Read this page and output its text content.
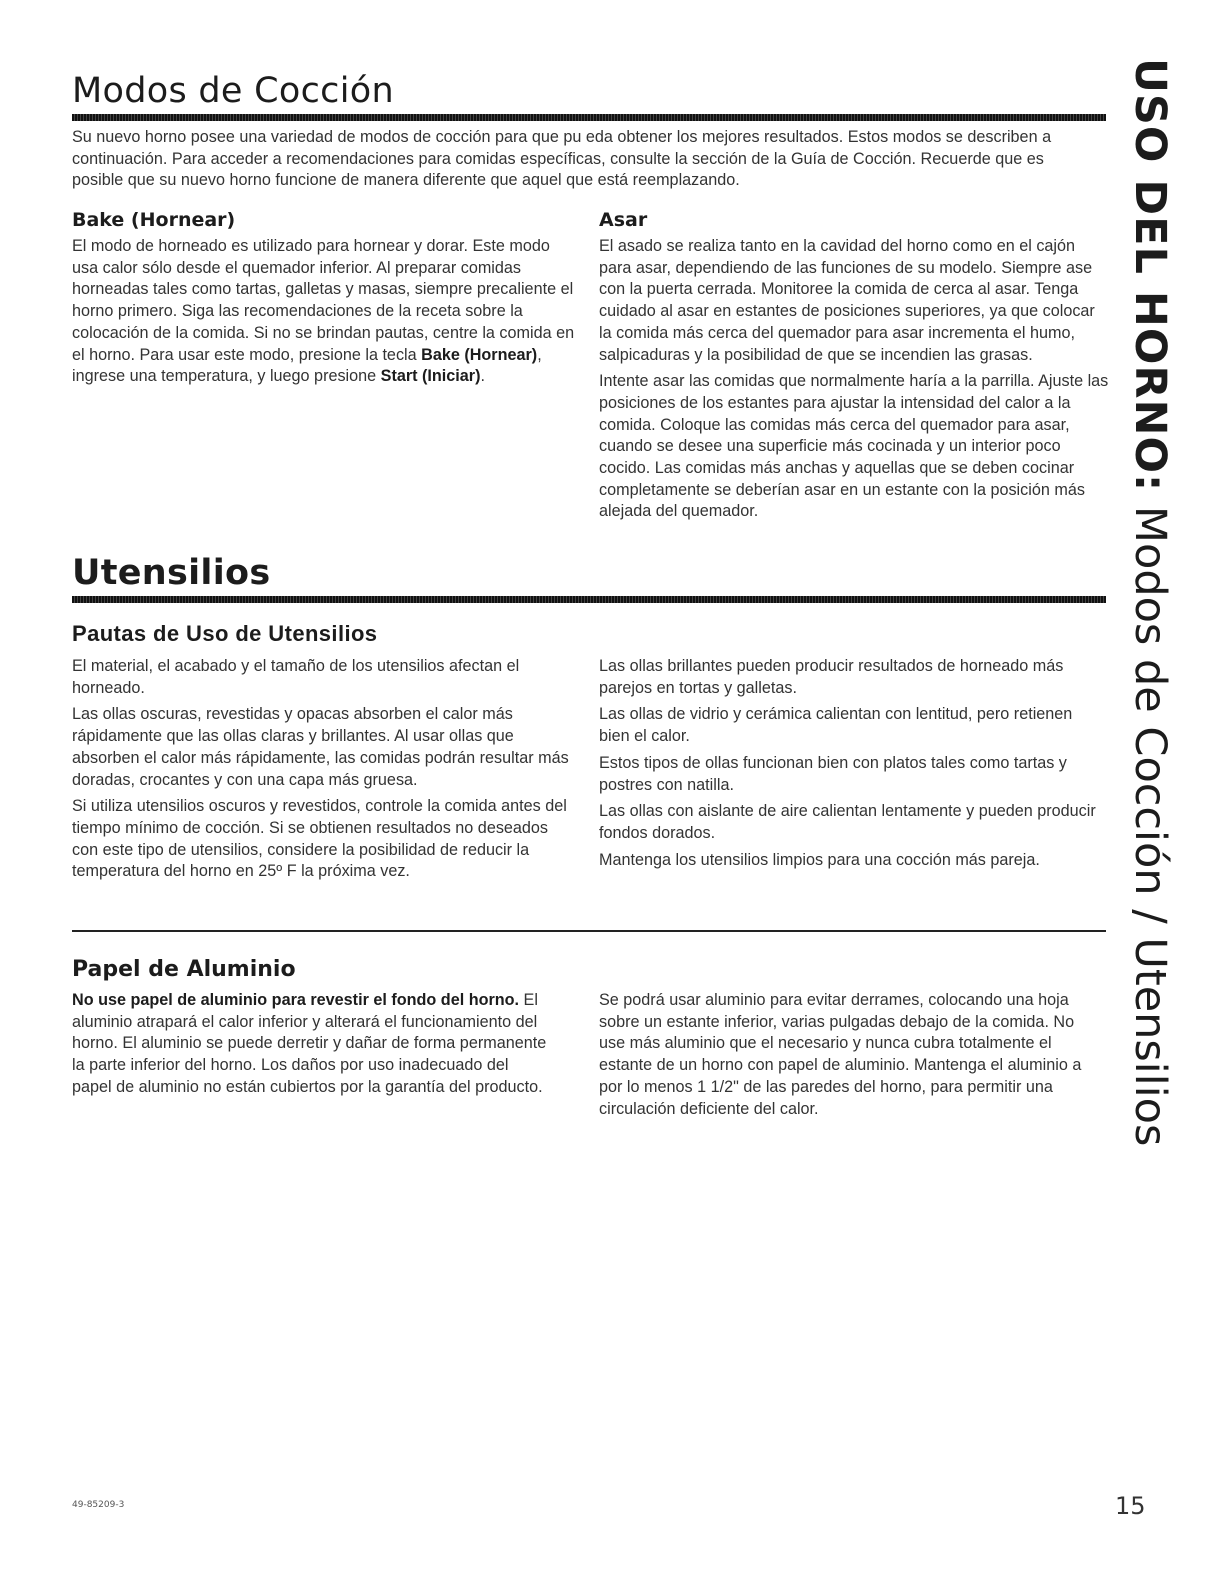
Modos de Cocción

Su nuevo horno posee una variedad de modos de cocción para que pu eda obtener los mejores resultados. Estos modos se describen a continuación. Para acceder a recomendaciones para comidas específicas, consulte la sección de la Guía de Cocción. Recuerde que es posible que su nuevo horno funcione de manera diferente que aquel que está reemplazando.

Bake (Hornear)

El modo de horneado es utilizado para hornear y dorar. Este modo usa calor sólo desde el quemador inferior. Al preparar comidas horneadas tales como tartas, galletas y masas, siempre precaliente el horno primero. Siga las recomendaciones de la receta sobre la colocación de la comida. Si no se brindan pautas, centre la comida en el horno. Para usar este modo, presione la tecla Bake (Hornear), ingrese una temperatura, y luego presione Start (Iniciar).

Asar

El asado se realiza tanto en la cavidad del horno como en el cajón para asar, dependiendo de las funciones de su modelo. Siempre ase con la puerta cerrada. Monitoree la comida de cerca al asar. Tenga cuidado al asar en estantes de posiciones superiores, ya que colocar la comida más cerca del quemador para asar incrementa el humo, salpicaduras y la posibilidad de que se incendien las grasas.

Intente asar las comidas que normalmente haría a la parrilla. Ajuste las posiciones de los estantes para ajustar la intensidad del calor a la comida. Coloque las comidas más cerca del quemador para asar, cuando se desee una superficie más cocinada y un interior poco cocido. Las comidas más anchas y aquellas que se deben cocinar completamente se deberían asar en un estante con la posición más alejada del quemador.

Utensilios
Pautas de Uso de Utensilios

El material, el acabado y el tamaño de los utensilios afectan el horneado.

Las ollas oscuras, revestidas y opacas absorben el calor más rápidamente que las ollas claras y brillantes. Al usar ollas que absorben el calor más rápidamente, las comidas podrán resultar más doradas, crocantes y con una capa más gruesa.

Si utiliza utensilios oscuros y revestidos, controle la comida antes del tiempo mínimo de cocción. Si se obtienen resultados no deseados con este tipo de utensilios, considere la posibilidad de reducir la temperatura del horno en 25º F la próxima vez.

Las ollas brillantes pueden producir resultados de horneado más parejos en tortas y galletas.

Las ollas de vidrio y cerámica calientan con lentitud, pero retienen bien el calor.

Estos tipos de ollas funcionan bien con platos tales como tartas y postres con natilla.

Las ollas con aislante de aire calientan lentamente y pueden producir fondos dorados.

Mantenga los utensilios limpios para una cocción más pareja.

Papel de Aluminio

No use papel de aluminio para revestir el fondo del horno. El aluminio atrapará el calor inferior y alterará el funcionamiento del horno. El aluminio se puede derretir y dañar de forma permanente la parte inferior del horno. Los daños por uso inadecuado del papel de aluminio no están cubiertos por la garantía del producto.

Se podrá usar aluminio para evitar derrames, colocando una hoja sobre un estante inferior, varias pulgadas debajo de la comida. No use más aluminio que el necesario y nunca cubra totalmente el estante de un horno con papel de aluminio. Mantenga el aluminio a por lo menos 1 1/2" de las paredes del horno, para permitir una circulación deficiente del calor.

USO DEL HORNO: Modos de Cocción / Utensilios
49-85209-3	15
